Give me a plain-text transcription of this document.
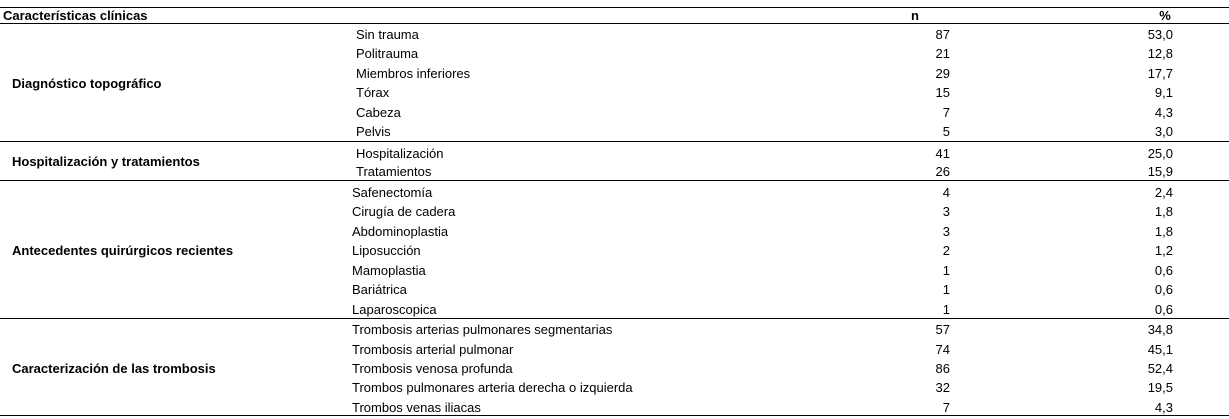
Características clínicas	n	%
Diagnóstico topográfico
Sin trauma	87	53,0
Politrauma	21	12,8
Miembros inferiores	29	17,7
Tórax	15	9,1
Cabeza	7	4,3
Pelvis	5	3,0
Hospitalización y tratamientos
Hospitalización	41	25,0
Tratamientos	26	15,9
Antecedentes quirúrgicos recientes
Safenectomía	4	2,4
Cirugía de cadera	3	1,8
Abdominoplastia	3	1,8
Liposucción	2	1,2
Mamoplastia	1	0,6
Bariátrica	1	0,6
Laparoscopica	1	0,6
Caracterización de las trombosis
Trombosis arterias pulmonares segmentarias	57	34,8
Trombosis arterial pulmonar	74	45,1
Trombosis venosa profunda	86	52,4
Trombos pulmonares arteria derecha o izquierda	32	19,5
Trombos venas iliacas	7	4,3
